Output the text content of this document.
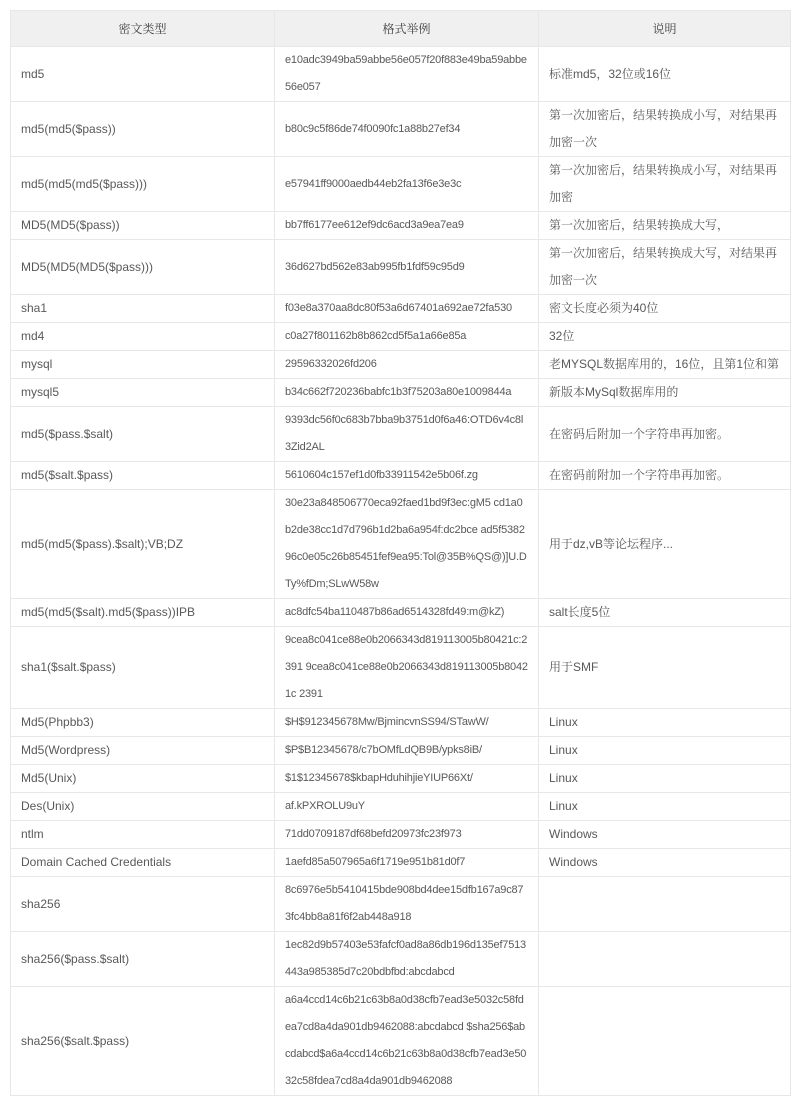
密文类型	格式举例	说明
md5	e10adc3949ba59abbe56e057f20f883e49ba59abbe56e057	标准md5，32位或16位
md5(md5($pass))	b80c9c5f86de74f0090fc1a88b27ef34	第一次加密后，结果转换成小写，对结果再加密一次
md5(md5(md5($pass)))	e57941ff9000aedb44eb2fa13f6e3e3c	第一次加密后，结果转换成小写，对结果再加密
MD5(MD5($pass))	bb7ff6177ee612ef9dc6acd3a9ea7ea9	第一次加密后，结果转换成大写，
MD5(MD5(MD5($pass)))	36d627bd562e83ab995fb1fdf59c95d9	第一次加密后，结果转换成大写，对结果再加密一次
sha1	f03e8a370aa8dc80f53a6d67401a692ae72fa530	密文长度必须为40位
md4	c0a27f801162b8b862cd5f5a1a66e85a	32位
mysql	29596332026fd206	老MYSQL数据库用的，16位，且第1位和第
mysql5	b34c662f720236babfc1b3f75203a80e1009844a	新版本MySql数据库用的
md5($pass.$salt)	9393dc56f0c683b7bba9b3751d0f6a46:OTD6v4c8l3Zid2AL	在密码后附加一个字符串再加密。
md5($salt.$pass)	5610604c157ef1d0fb33911542e5b06f.zg	在密码前附加一个字符串再加密。
md5(md5($pass).$salt);VB;DZ	30e23a848506770eca92faed1bd9f3ec:gM5 cd1a0b2de38cc1d7d796b1d2ba6a954f:dc2bce ad5f538296c0e05c26b85451fef9ea95:Tol@35B%QS@)]U.DTy%fDm;SLwW58w	用于dz,vB等论坛程序...
md5(md5($salt).md5($pass))IPB	ac8dfc54ba110487b86ad6514328fd49:m@kZ)	salt长度5位
sha1($salt.$pass)	9cea8c041ce88e0b2066343d819113005b80421c:2391 9cea8c041ce88e0b2066343d819113005b80421c 2391	用于SMF
Md5(Phpbb3)	$H$912345678Mw/BjmincvnSS94/STawW/	Linux
Md5(Wordpress)	$P$B12345678/c7bOMfLdQB9B/ypks8iB/	Linux
Md5(Unix)	$1$12345678$kbapHduhihjieYIUP66Xt/	Linux
Des(Unix)	af.kPXROLU9uY	Linux
ntlm	71dd0709187df68befd20973fc23f973	Windows
Domain Cached Credentials	1aefd85a507965a6f1719e951b81d0f7	Windows
sha256	8c6976e5b5410415bde908bd4dee15dfb167a9c873fc4bb8a81f6f2ab448a918	
sha256($pass.$salt)	1ec82d9b57403e53fafcf0ad8a86db196d135ef7513443a985385d7c20bdbfbd:abcdabcd	
sha256($salt.$pass)	a6a4ccd14c6b21c63b8a0d38cfb7ead3e5032c58fdea7cd8a4da901db9462088:abcdabcd $sha256$abcdabcd$a6a4ccd14c6b21c63b8a0d38cfb7ead3e5032c58fdea7cd8a4da901db9462088	
